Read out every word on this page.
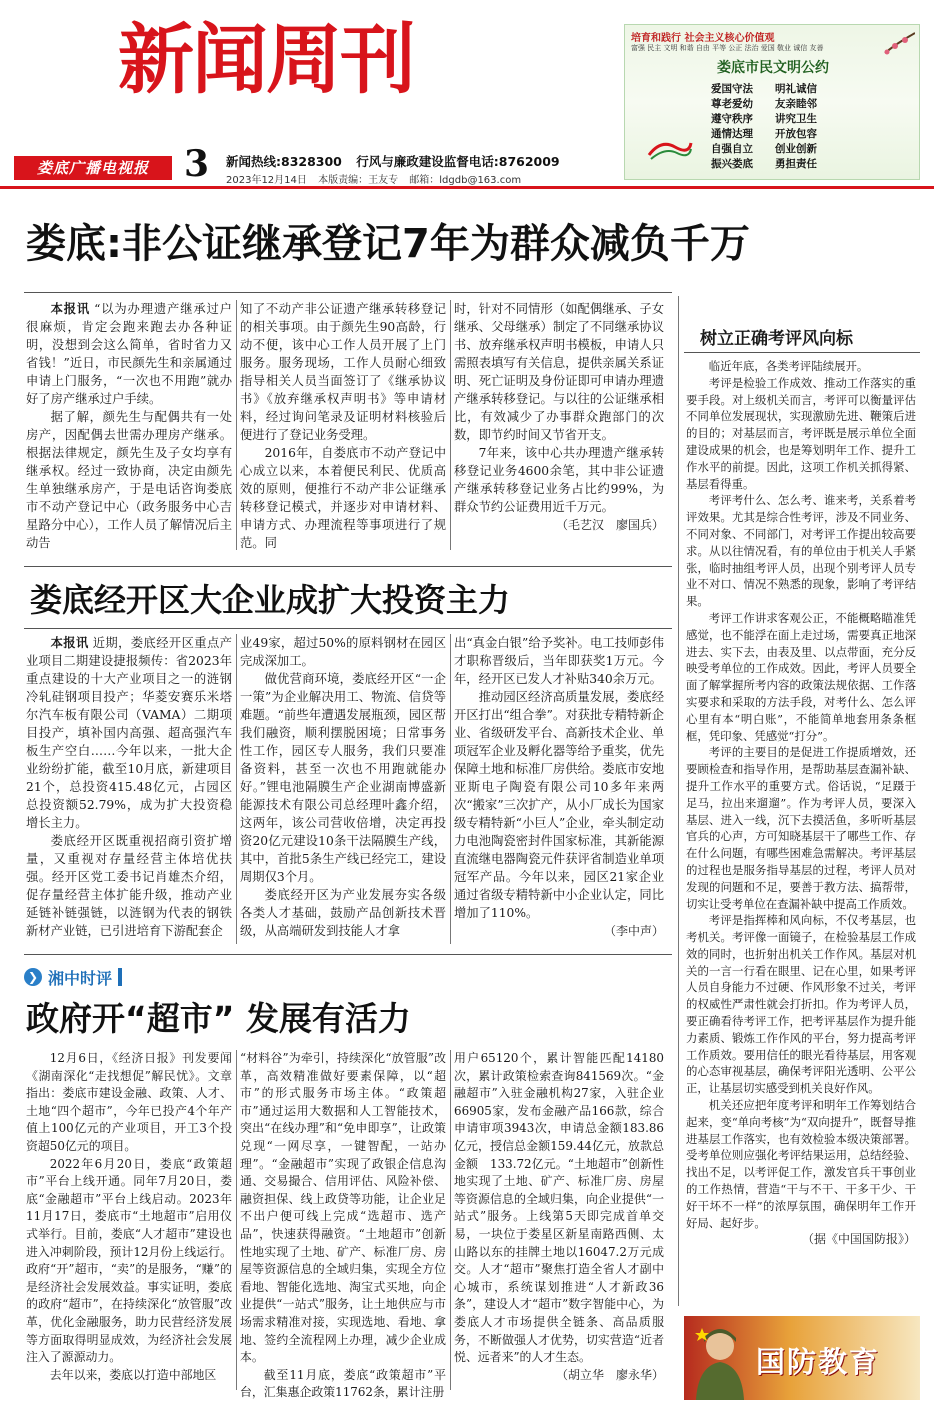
新闻周刊
娄底广播电视报 3 新闻热线:8328300 行风与廉政建设监督电话:8762009
2023年12月14日 本版责编：王友专 邮箱：ldgdb@163.com
培育和践行 社会主义核心价值观
富强 民主 文明 和谐 自由 平等 公正 法治 爱国 敬业 诚信 友善
娄底市民文明公约
爱国守法 明礼诚信
尊老爱幼 友亲睦邻
遵守秩序 讲究卫生
通情达理 开放包容
自强自立 创业创新
振兴娄底 勇担责任
娄底:非公证继承登记7年为群众减负千万

本报讯 “以为办理遗产继承过户很麻烦，肯定会跑来跑去办各种证明，没想到会这么简单，省时省力又省钱！”近日，市民颜先生和亲属通过申请上门服务，“一次也不用跑”就办好了房产继承过户手续。

据了解，颜先生与配偶共有一处房产，因配偶去世需办理房产继承。根据法律规定，颜先生及子女均享有继承权。经过一致协商，决定由颜先生单独继承房产，于是电话咨询娄底市不动产登记中心（政务服务中心吉星路分中心），工作人员了解情况后主动告

知了不动产非公证遗产继承转移登记的相关事项。由于颜先生90高龄，行动不便，该中心工作人员开展了上门服务。服务现场，工作人员耐心细致指导相关人员当面签订了《继承协议书》《放弃继承权声明书》等申请材料，经过询问笔录及证明材料核验后便进行了登记业务受理。

2016年，自娄底市不动产登记中心成立以来，本着便民利民、优质高效的原则，便推行不动产非公证继承转移登记模式，并逐步对申请材料、申请方式、办理流程等事项进行了规范。同

时，针对不同情形（如配偶继承、子女继承、父母继承）制定了不同继承协议书、放弃继承权声明书模板，申请人只需照表填写有关信息，提供亲属关系证明、死亡证明及身份证即可申请办理遗产继承转移登记。与以往的公证继承相比，有效减少了办事群众跑部门的次数，即节约时间又节省开支。

7年来，该中心共办理遗产继承转移登记业务4600余笔，其中非公证遗产继承转移登记业务占比约99%，为群众节约公证费用近千万元。

（毛艺汉　廖国兵）
娄底经开区大企业成扩大投资主力

本报讯 近期，娄底经开区重点产业项目二期建设捷报频传：省2023年重点建设的十大产业项目之一的涟钢冷轧硅钢项目投产；华菱安赛乐米塔尔汽车板有限公司（VAMA）二期项目投产，填补国内高强、超高强汽车板生产空白……今年以来，一批大企业纷纷扩能，截至10月底，新建项目21个，总投资415.48亿元，占园区总投资额52.79%，成为扩大投资稳增长主力。

娄底经开区既重视招商引资扩增量，又重视对存量经营主体培优扶强。经开区党工委书记肖雄杰介绍，促存量经营主体扩能升级，推动产业延链补链强链，以涟钢为代表的钢铁新材产业链，已引进培育下游配套企

业49家，超过50%的原料钢材在园区完成深加工。

做优营商环境，娄底经开区“一企一策”为企业解决用工、物流、信贷等难题。“前些年遭遇发展瓶颈，园区帮我们融资，顺利摆脱困境；日常事务性工作，园区专人服务，我们只要准备资料，甚至一次也不用跑就能办好。”锂电池隔膜生产企业湖南博盛新能源技术有限公司总经理叶鑫介绍，这两年，该公司营收倍增，决定再投资20亿元建设10条干法隔膜生产线，其中，首批5条生产线已经完工，建设周期仅3个月。

娄底经开区为产业发展夯实各级各类人才基础，鼓励产品创新技术晋级，从高端研发到技能人才拿

出“真金白银”给予奖补。电工技师彭伟才职称晋级后，当年即获奖1万元。今年，经开区已发人才补贴340余万元。

推动园区经济高质量发展，娄底经开区打出“组合拳”。对获批专精特新企业、省级研发平台、高新技术企业、单项冠军企业及孵化器等给予重奖，优先保障土地和标准厂房供给。娄底市安地亚斯电子陶瓷有限公司10多年来两次“搬家”三次扩产，从小厂成长为国家级专精特新“小巨人”企业，牵头制定动力电池陶瓷密封件国家标准，其新能源直流继电器陶瓷元件获评省制造业单项冠军产品。今年以来，园区21家企业通过省级专精特新中小企业认定，同比增加了110%。

（李中声）
❯ 湘中时评
政府开“超市” 发展有活力

12月6日，《经济日报》刊发要闻《湖南深化“走找想促”解民忧》。文章指出：娄底市建设金融、政策、人才、土地“四个超市”，今年已投产4个年产值上100亿元的产业项目，开工3个投资超50亿元的项目。

2022年6月20日，娄底“政策超市”平台上线开通。同年7月20日，娄底“金融超市”平台上线启动。2023年11月17日，娄底市“土地超市”启用仪式举行。目前，娄底“人才超市”建设也进入冲刺阶段，预计12月份上线运行。政府“开”超市，“卖”的是服务，“赚”的是经济社会发展效益。事实证明，娄底的政府“超市”，在持续深化“放管服”改革，优化金融服务，助力民营经济发展等方面取得明显成效，为经济社会发展注入了源源动力。

去年以来，娄底以打造中部地区

“材料谷”为牵引，持续深化“放管服”改革，高效精准做好要素保障，以“超市”的形式服务市场主体。“政策超市”通过运用大数据和人工智能技术，突出“在线办理”和“免申即享”，让政策兑现“一网尽享，一键智配，一站办理”。“金融超市”实现了政银企信息沟通、交易撮合、信用评估、风险补偿、融资担保、线上政贷等功能，让企业足不出户便可线上完成“选超市、选产品”，快速获得融资。“土地超市”创新性地实现了土地、矿产、标准厂房、房屋等资源信息的全域归集，实现全方位看地、智能化选地、淘宝式买地，向企业提供“一站式”服务，让土地供应与市场需求精准对接，实现选地、看地、拿地、签约全流程网上办理，减少企业成本。

截至11月底，娄底“政策超市”平台，汇集惠企政策11762条，累计注册

用户65120个，累计智能匹配14180次，累计政策检索查询841569次。“金融超市”入驻金融机构27家，入驻企业66905家，发布金融产品166款，综合申请审项3943次，申请总金额183.86亿元，授信总金额159.44亿元，放款总金额　133.72亿元。“土地超市”创新性地实现了土地、矿产、标准厂房、房屋等资源信息的全域归集，向企业提供“一站式”服务。上线第5天即完成首单交易，一块位于娄星区新星南路西侧、太山路以东的挂牌土地以16047.2万元成交。人才“超市”聚焦打造全省人才副中心城市，系统谋划推进“人才新政36条”，建设人才“超市”数字智能中心，为娄底人才市场提供全链条、高品质服务，不断做强人才优势，切实营造“近者悦、远者来”的人才生态。

（胡立华　廖永华）
树立正确考评风向标

临近年底，各类考评陆续展开。

考评是检验工作成效、推动工作落实的重要手段。对上级机关而言，考评可以衡量评估不同单位发展现状，实现激励先进、鞭策后进的目的；对基层而言，考评既是展示单位全面建设成果的机会，也是筹划明年工作、提升工作水平的前提。因此，这项工作机关抓得紧、基层看得重。

考评考什么、怎么考、谁来考，关系着考评效果。尤其是综合性考评，涉及不同业务、不同对象、不同部门，对考评工作提出较高要求。从以往情况看，有的单位由于机关人手紧张，临时抽组考评人员，出现个别考评人员专业不对口、情况不熟悉的现象，影响了考评结果。

考评工作讲求客观公正，不能概略瞄准凭感觉，也不能浮在面上走过场，需要真正地深进去、实下去，由表及里、以点带面，充分反映受考单位的工作成效。因此，考评人员要全面了解掌握所考内容的政策法规依据、工作落实要求和采取的方法手段，对考什么、怎么评心里有本“明白账”，不能简单地套用条条框框，凭印象、凭感觉“打分”。

考评的主要目的是促进工作提质增效，还要顾检查和指导作用，是帮助基层查漏补缺、提升工作水平的重要方式。俗话说，“足蹑于足马，拉出来遛遛”。作为考评人员，要深入基层、进入一线，沉下去摸活鱼，多听听基层官兵的心声，方可知晓基层干了哪些工作、存在什么问题，有哪些困难急需解决。考评基层的过程也是服务指导基层的过程，考评人员对发现的问题和不足，要善于教方法、搞帮带，切实让受考单位在查漏补缺中提高工作质效。

考评是指挥棒和风向标，不仅考基层，也考机关。考评像一面镜子，在检验基层工作成效的同时，也折射出机关工作作风。基层对机关的一言一行看在眼里、记在心里，如果考评人员自身能力不过硬、作风形象不过关，考评的权威性严肃性就会打折扣。作为考评人员，要正确看待考评工作，把考评基层作为提升能力素质、锻炼工作作风的平台，努力提高考评工作质效。要用信任的眼光看待基层，用客观的心态审视基层，确保考评阳光透明、公平公正，让基层切实感受到机关良好作风。

机关还应把年度考评和明年工作筹划结合起来，变“单向考核”为“双向提升”，既督导推进基层工作落实，也有效检验本级决策部署。受考单位则应强化考评结果运用，总结经验、找出不足，以考评促工作，激发官兵干事创业的工作热情，营造“干与不干、干多干少、干好干坏不一样”的浓厚氛围，确保明年工作开好局、起好步。

（据《中国国防报》）
国防教育
